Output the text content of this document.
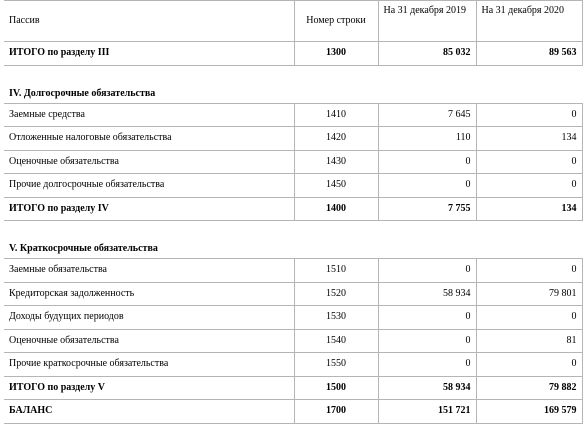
Пассив	Номер строки	На 31 декабря 2019	На 31 декабря 2020
ИТОГО по разделу III	1300	85 032	89 563
IV. Долгосрочные обязательства			
Заемные средства	1410	7 645	0
Отложенные налоговые обязательства	1420	110	134
Оценочные обязательства	1430	0	0
Прочие долгосрочные обязательства	1450	0	0
ИТОГО по разделу IV	1400	7 755	134
V. Краткосрочные обязательства			
Заемные обязательства	1510	0	0
Кредиторская задолженность	1520	58 934	79 801
Доходы будущих периодов	1530	0	0
Оценочные обязательства	1540	0	81
Прочие краткосрочные обязательства	1550	0	0
ИТОГО по разделу V	1500	58 934	79 882
БАЛАНС	1700	151 721	169 579
